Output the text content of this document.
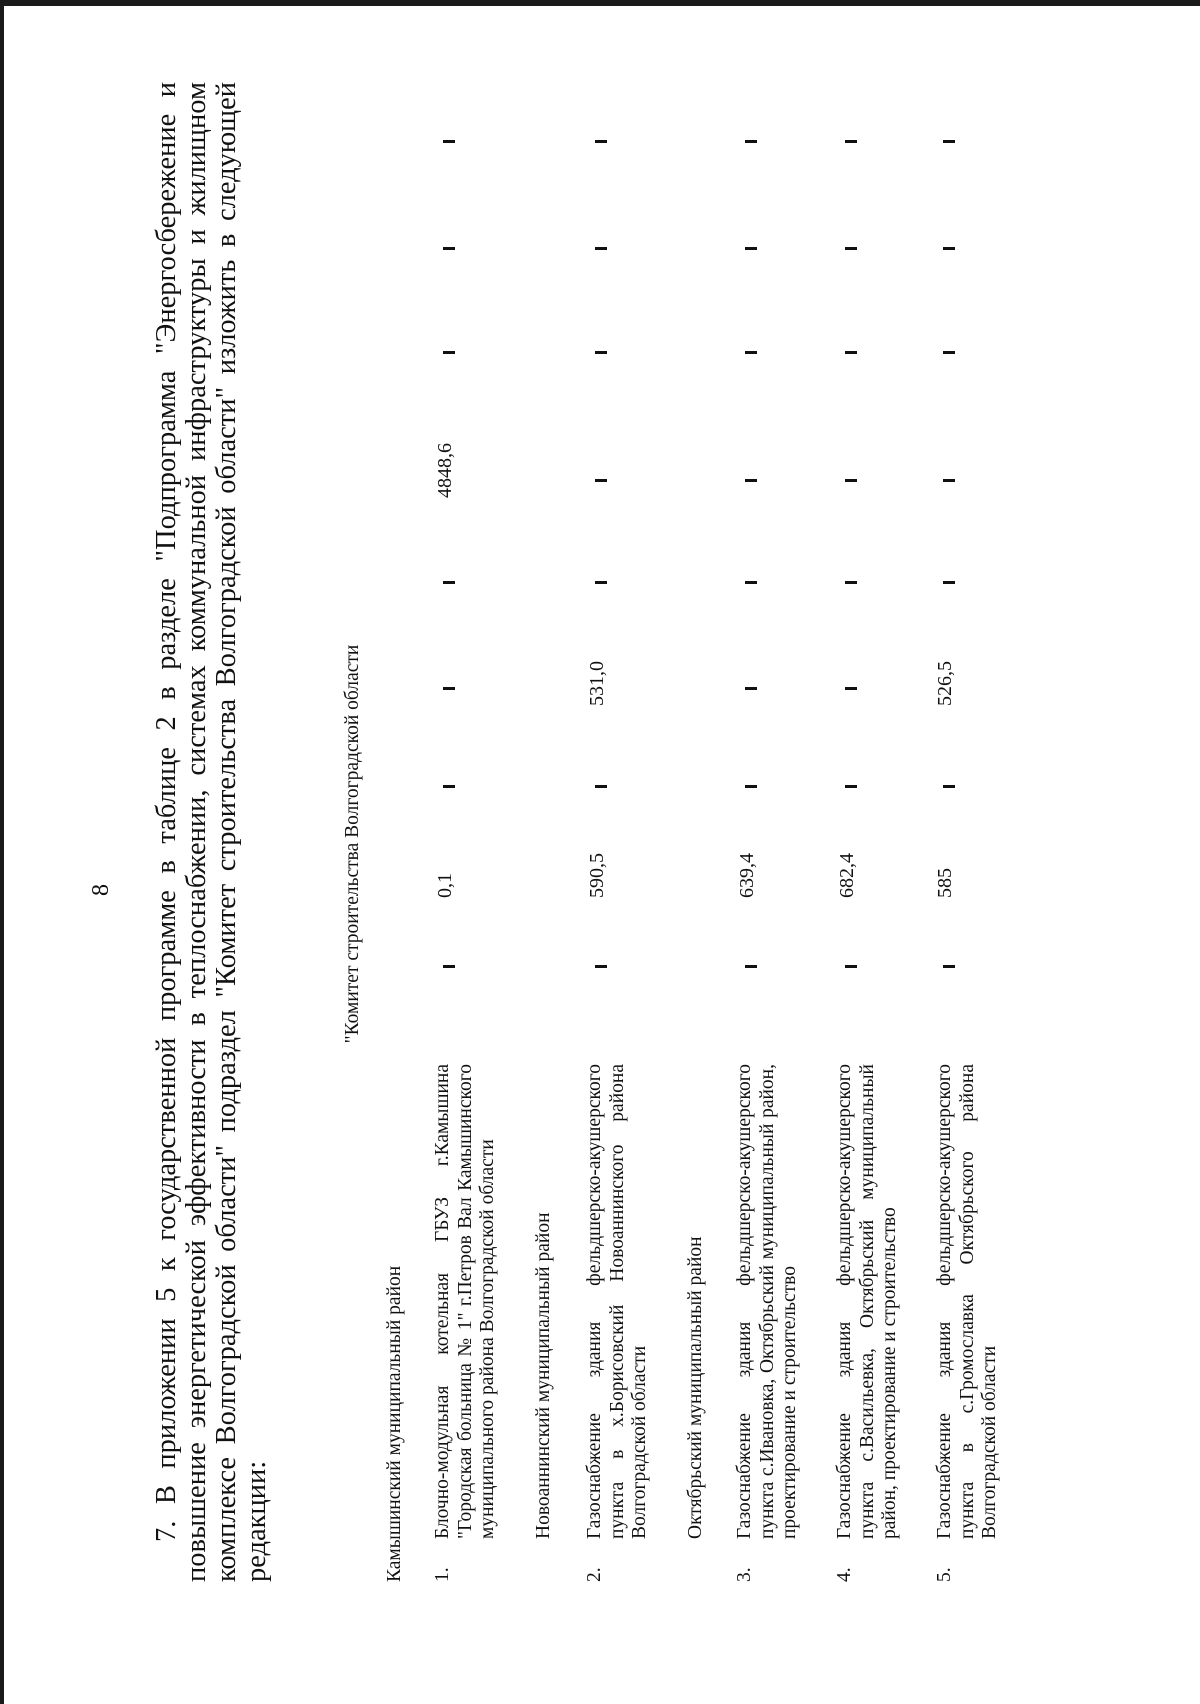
8 7. В приложении 5 к государственной программе в таблице 2 в разделе "Подпрограмма "Энергосбережение и повышение энергетической эффективности в теплоснабжении, системах коммунальной инфраструктуры и жилищном комплексе Волгоградской области" подраздел "Комитет строительства Волгоградской области" изложить в следующей редакции:
"Комитет строительства Волгоградской области
Камышинский муниципальный район 1.
Блочно-модульная котельная ГБУЗ г.Камышина "Городская больница № 1" г.Петров Вал Камышинского муниципального района Волгоградской области Новоаннинский муниципальный район
2.
Газоснабжение здания фельдшерско-акушерского пункта в х.Борисовский Новоаннинского района Волгоградской области Октябрьский муниципальный район
3.
Газоснабжение здания фельдшерско-акушерского пункта с.Ивановка, Октябрьский муниципальный район, проектирование и строительство
4.
Газоснабжение здания фельдшерско-акушерского пункта с.Васильевка, Октябрьский муниципальный район, проектирование и строительство
5.
Газоснабжение здания фельдшерско-акушерского пункта в с.Громославка Октябрьского района Волгоградской области
0,1
4848,6
590,5
531,0
639,4	682,4	585
526,5
